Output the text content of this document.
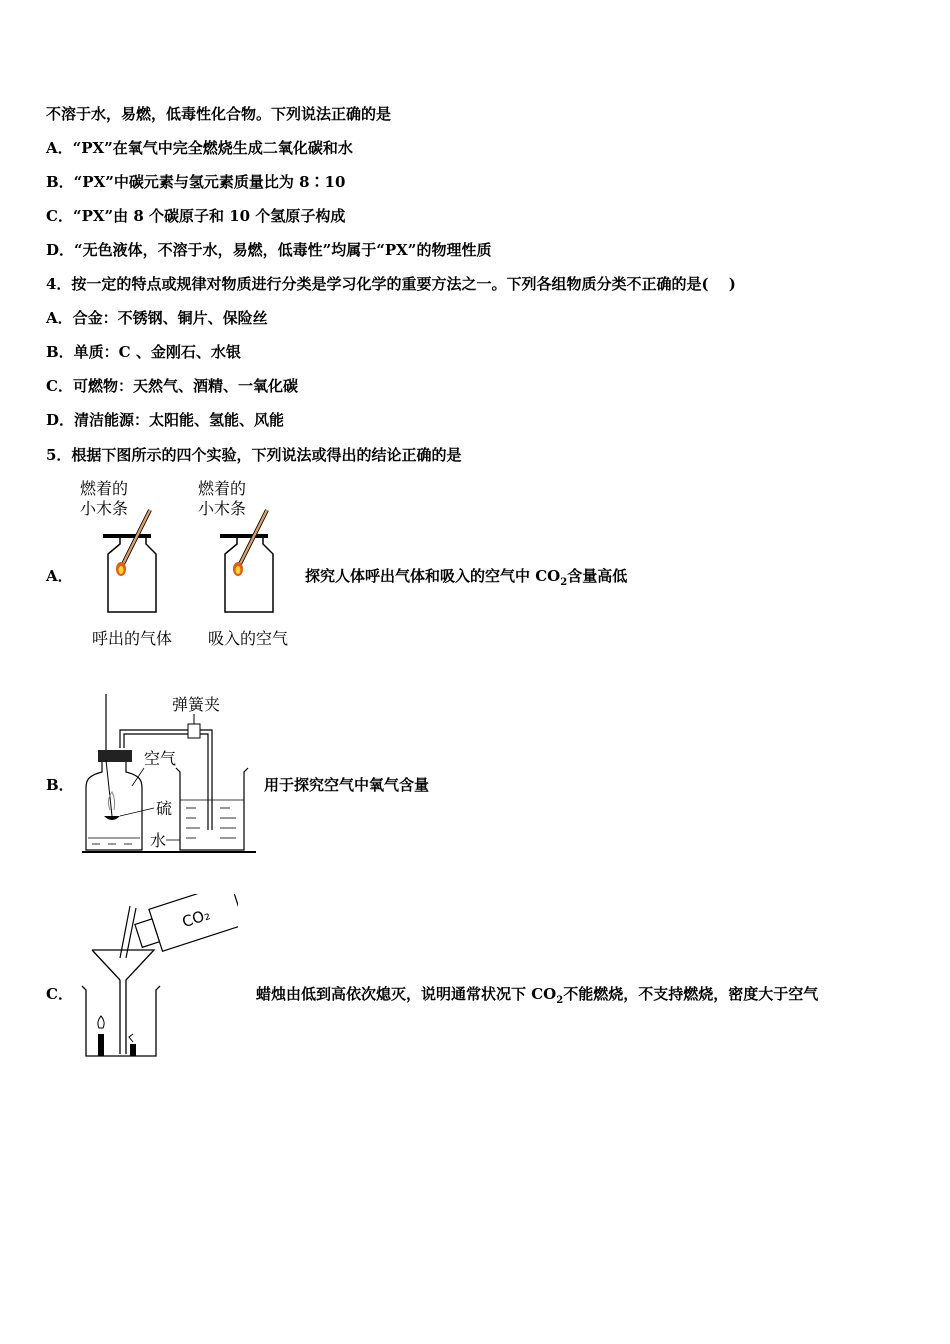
不溶于水，易燃，低毒性化合物。下列说法正确的是
A．“PX”在氧气中完全燃烧生成二氧化碳和水
B．“PX”中碳元素与氢元素质量比为 8∶10
C．“PX”由 8 个碳原子和 10 个氢原子构成
D．“无色液体，不溶于水，易燃，低毒性”均属于“PX”的物理性质
4．按一定的特点或规律对物质进行分类是学习化学的重要方法之一。下列各组物质分类不正确的是(　 )
A．合金：不锈钢、铜片、保险丝
B．单质：C 、金刚石、水银
C．可燃物：天然气、酒精、一氧化碳
D．清洁能源：太阳能、氢能、风能
5．根据下图所示的四个实验，下列说法或得出的结论正确的是
A．
燃着的
小木条
燃着的
小木条
呼出的气体 吸入的空气
探究人体呼出气体和吸入的空气中 $CO_2$含量高低
B．
弹簧夹
空气
硫
水
用于探究空气中氧气含量
C．
CO₂
蜡烛由低到高依次熄灭，说明通常状况下 $CO_2$不能燃烧，不支持燃烧，密度大于空气
